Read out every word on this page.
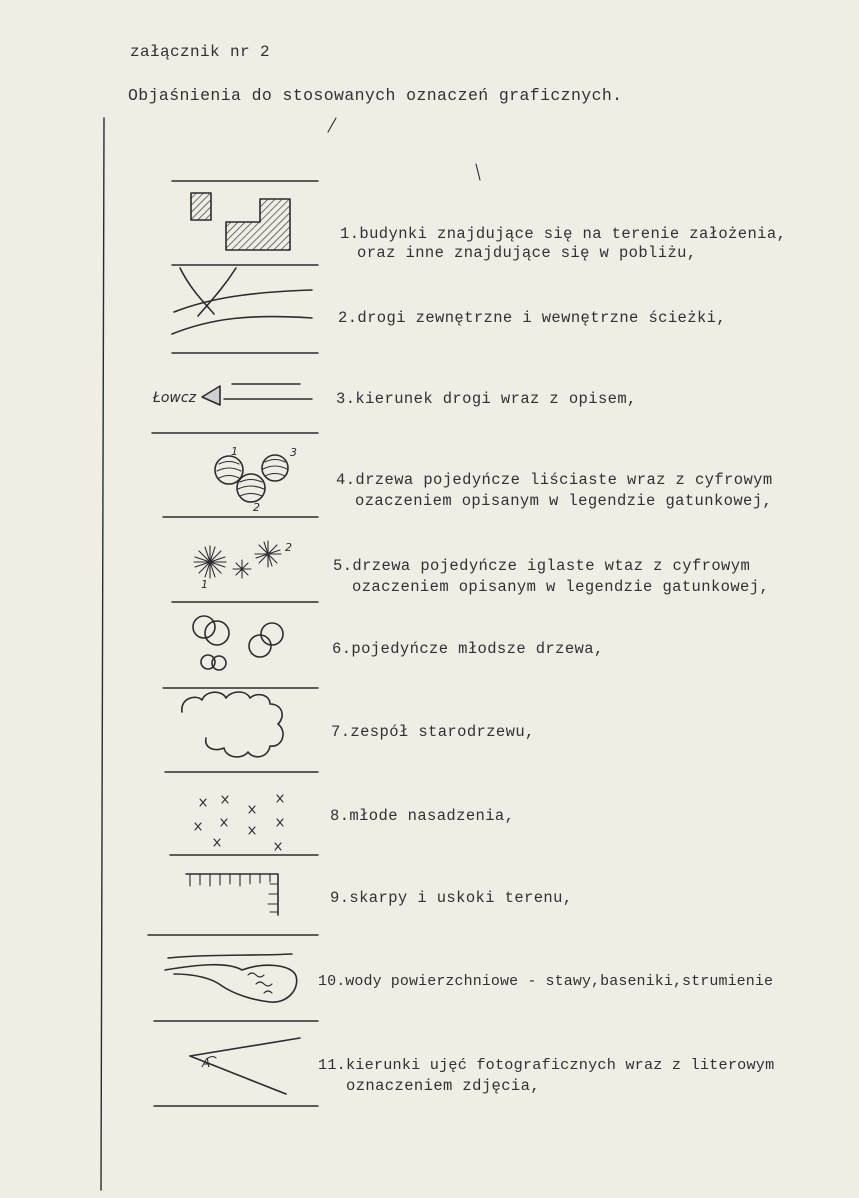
załącznik nr 2
Objaśnienia do stosowanych oznaczeń graficznych.
Łowcz
1	3
2
2
1
A
1.budynki znajdujące się na terenie założenia,
oraz inne znajdujące się w pobliżu,
2.drogi zewnętrzne i wewnętrzne ścieżki,
3.kierunek drogi wraz z opisem,
4.drzewa pojedyńcze liściaste wraz z cyfrowym
ozaczeniem opisanym w legendzie gatunkowej,
5.drzewa pojedyńcze iglaste wtaz z cyfrowym
ozaczeniem opisanym w legendzie gatunkowej,
6.pojedyńcze młodsze drzewa,
7.zespół starodrzewu,
8.młode nasadzenia,
9.skarpy i uskoki terenu,
10.wody powierzchniowe - stawy,baseniki,strumienie
11.kierunki ujęć fotograficznych wraz z literowym
oznaczeniem zdjęcia,
